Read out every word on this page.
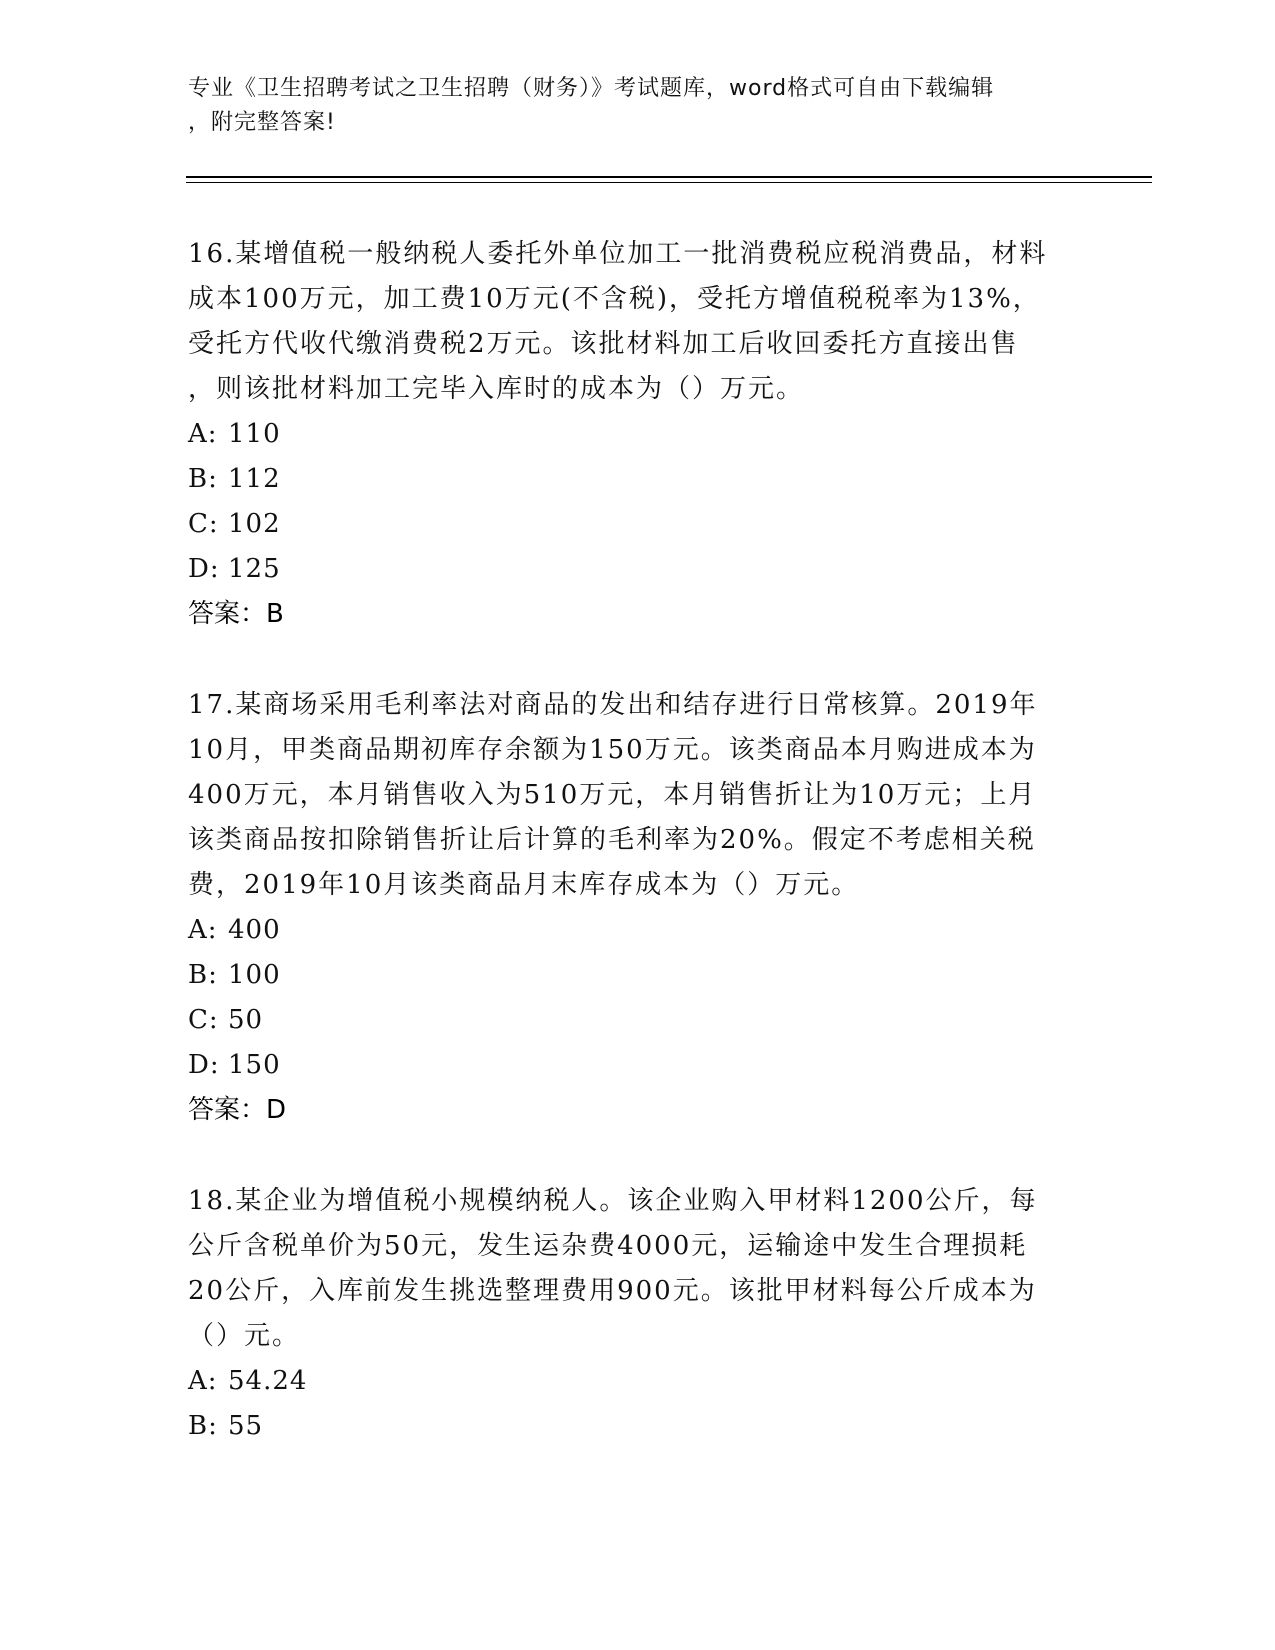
专业《卫生招聘考试之卫生招聘（财务）》考试题库，word格式可自由下载编辑
，附完整答案!
16.某增值税一般纳税人委托外单位加工一批消费税应税消费品，材料
成本100万元，加工费10万元(不含税)，受托方增值税税率为13%，
受托方代收代缴消费税2万元。该批材料加工后收回委托方直接出售
，则该批材料加工完毕入库时的成本为（）万元。
A: 110
B: 112
C: 102
D: 125
答案：B
17.某商场采用毛利率法对商品的发出和结存进行日常核算。2019年
10月，甲类商品期初库存余额为150万元。该类商品本月购进成本为
400万元，本月销售收入为510万元，本月销售折让为10万元；上月
该类商品按扣除销售折让后计算的毛利率为20%。假定不考虑相关税
费，2019年10月该类商品月末库存成本为（）万元。
A: 400
B: 100
C: 50
D: 150
答案：D
18.某企业为增值税小规模纳税人。该企业购入甲材料1200公斤，每
公斤含税单价为50元，发生运杂费4000元，运输途中发生合理损耗
20公斤，入库前发生挑选整理费用900元。该批甲材料每公斤成本为
（）元。
A: 54.24
B: 55
